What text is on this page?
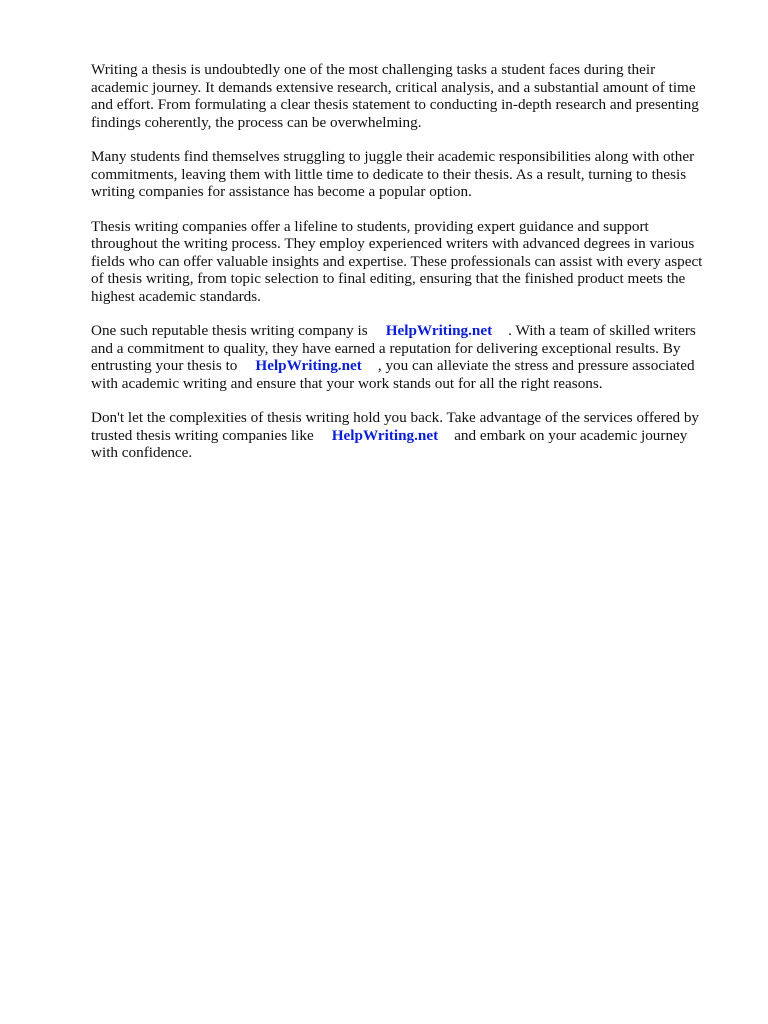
Writing a thesis is undoubtedly one of the most challenging tasks a student faces during their
academic journey. It demands extensive research, critical analysis, and a substantial amount of time
and effort. From formulating a clear thesis statement to conducting in-depth research and presenting
findings coherently, the process can be overwhelming.

Many students find themselves struggling to juggle their academic responsibilities along with other
commitments, leaving them with little time to dedicate to their thesis. As a result, turning to thesis
writing companies for assistance has become a popular option.

Thesis writing companies offer a lifeline to students, providing expert guidance and support
throughout the writing process. They employ experienced writers with advanced degrees in various
fields who can offer valuable insights and expertise. These professionals can assist with every aspect
of thesis writing, from topic selection to final editing, ensuring that the finished product meets the
highest academic standards.

One such reputable thesis writing company is HelpWriting.net . With a team of skilled writers
and a commitment to quality, they have earned a reputation for delivering exceptional results. By
entrusting your thesis to HelpWriting.net , you can alleviate the stress and pressure associated
with academic writing and ensure that your work stands out for all the right reasons.

Don't let the complexities of thesis writing hold you back. Take advantage of the services offered by
trusted thesis writing companies like HelpWriting.net and embark on your academic journey
with confidence.
